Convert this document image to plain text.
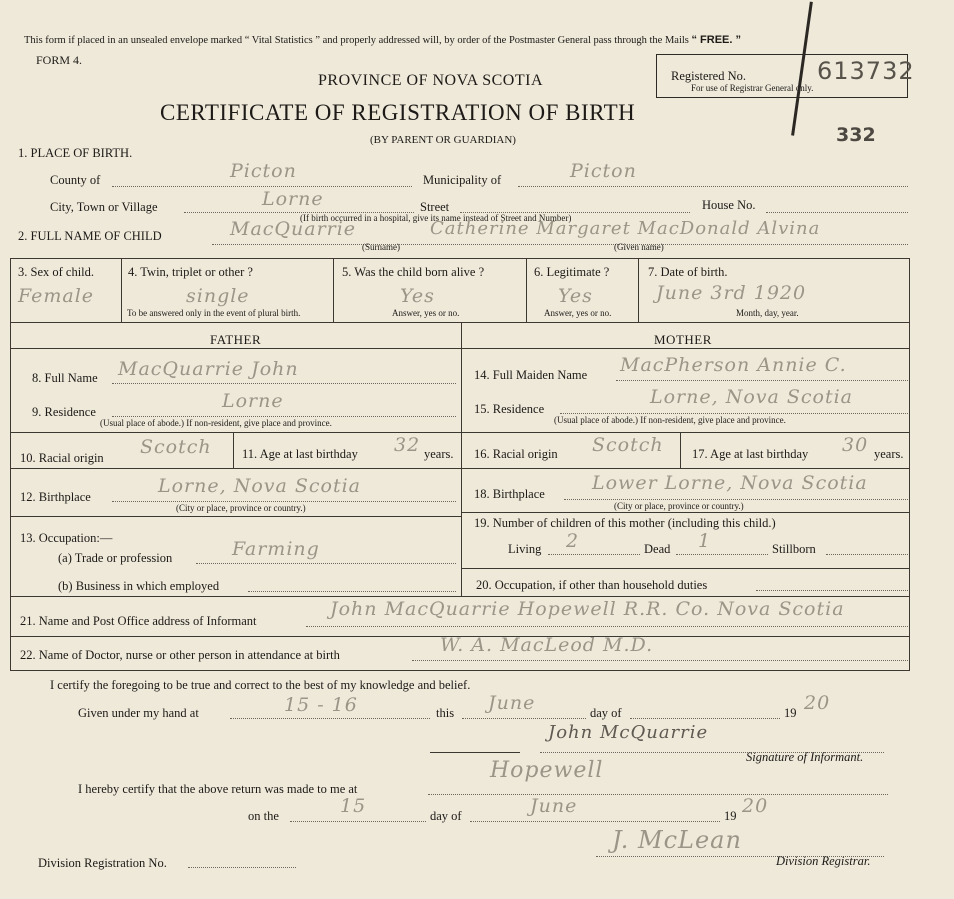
This form if placed in an unsealed envelope marked “ Vital Statistics ” and properly addressed will, by order of the Postmaster General pass through the Mails “ FREE. ”
FORM 4.
PROVINCE OF NOVA SCOTIA
CERTIFICATE OF REGISTRATION OF BIRTH
(BY PARENT OR GUARDIAN)
Registered No.	613732
For use of Registrar General only.
332
1. PLACE OF BIRTH.
County of	Picton	Municipality of	Picton
City, Town or Village	Lorne	Street	House No.
(If birth occurred in a hospital, give its name instead of Street and Number)
2. FULL NAME OF CHILD	MacQuarrie	Catherine Margaret MacDonald Alvina
(Surname)	(Given name)
3. Sex of child.
Female
4. Twin, triplet or other ?
single
To be answered only in the event of plural birth.
5. Was the child born alive ?
Yes
Answer, yes or no.
6. Legitimate ?
Yes
Answer, yes or no.
7. Date of birth.
June 3rd 1920
Month, day, year.
FATHER	MOTHER
8. Full Name MacQuarrie John
9. Residence	Lorne
(Usual place of abode.) If non-resident, give place and province.
10. Racial origin Scotch 11. Age at last birthday 32 years.
12. Birthplace	Lorne, Nova Scotia
(City or place, province or country.)
13. Occupation:—
(a) Trade or profession	Farming
(b) Business in which employed
14. Full Maiden Name MacPherson Annie C.
15. Residence
Lorne, Nova Scotia
(Usual place of abode.) If non-resident, give place and province.
16. Racial origin Scotch 17. Age at last birthday 30 years.
18. Birthplace Lower Lorne, Nova Scotia
(City or place, province or country.)
19. Number of children of this mother (including this child.)
Living 2	Dead 1	Stillborn
20. Occupation, if other than household duties
21. Name and Post Office address of Informant
John MacQuarrie Hopewell R.R. Co. Nova Scotia
22. Name of Doctor, nurse or other person in attendance at birth	W. A. MacLeod M.D.
I certify the foregoing to be true and correct to the best of my knowledge and belief.
Given under my hand at	15 - 16	this June	day of	19 20
John McQuarrie
Signature of Informant.
I hereby certify that the above return was made to me at
Hopewell
on the	15	day of	June	19 20
Division Registration No.
J. McLean
Division Registrar.
